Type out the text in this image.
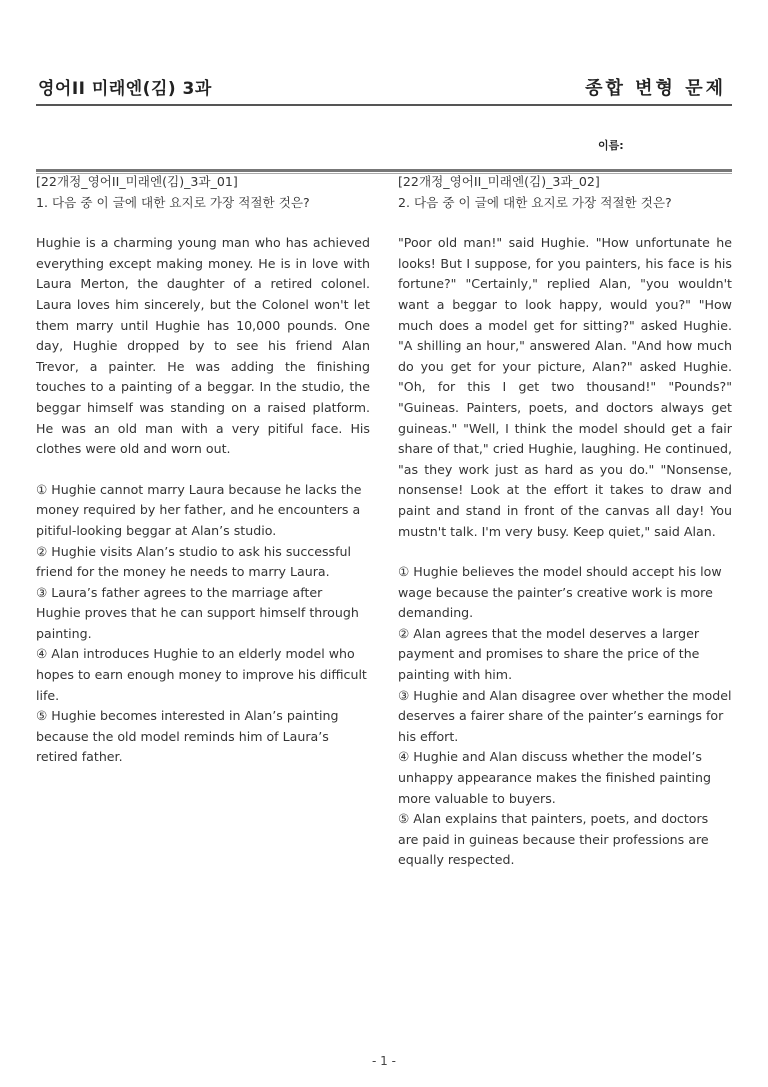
영어II 미래엔(김) 3과	종합 변형 문제
이름:
[22개정_영어II_미래엔(김)_3과_01]
1. 다음 중 이 글에 대한 요지로 가장 적절한 것은?

Hughie is a charming young man who has achieved everything except making money. He is in love with Laura Merton, the daughter of a retired colonel. Laura loves him sincerely, but the Colonel won't let them marry until Hughie has 10,000 pounds. One day, Hughie dropped by to see his friend Alan Trevor, a painter. He was adding the finishing touches to a painting of a beggar. In the studio, the beggar himself was standing on a raised platform. He was an old man with a very pitiful face. His clothes were old and worn out.

① Hughie cannot marry Laura because he lacks the money required by her father, and he encounters a pitiful-looking beggar at Alan’s studio.

② Hughie visits Alan’s studio to ask his successful friend for the money he needs to marry Laura.

③ Laura’s father agrees to the marriage after Hughie proves that he can support himself through painting.

④ Alan introduces Hughie to an elderly model who hopes to earn enough money to improve his difficult life.

⑤ Hughie becomes interested in Alan’s painting because the old model reminds him of Laura’s retired father.

[22개정_영어II_미래엔(김)_3과_02]
2. 다음 중 이 글에 대한 요지로 가장 적절한 것은?

"Poor old man!" said Hughie. "How unfortunate he looks! But I suppose, for you painters, his face is his fortune?" "Certainly," replied Alan, "you wouldn't want a beggar to look happy, would you?" "How much does a model get for sitting?" asked Hughie. "A shilling an hour," answered Alan. "And how much do you get for your picture, Alan?" asked Hughie. "Oh, for this I get two thousand!" "Pounds?" "Guineas. Painters, poets, and doctors always get guineas." "Well, I think the model should get a fair share of that," cried Hughie, laughing. He continued, "as they work just as hard as you do." "Nonsense, nonsense! Look at the effort it takes to draw and paint and stand in front of the canvas all day! You mustn't talk. I'm very busy. Keep quiet," said Alan.

① Hughie believes the model should accept his low wage because the painter’s creative work is more demanding.

② Alan agrees that the model deserves a larger payment and promises to share the price of the painting with him.

③ Hughie and Alan disagree over whether the model deserves a fairer share of the painter’s earnings for his effort.

④ Hughie and Alan discuss whether the model’s unhappy appearance makes the finished painting more valuable to buyers.

⑤ Alan explains that painters, poets, and doctors are paid in guineas because their professions are equally respected.

- 1 -
